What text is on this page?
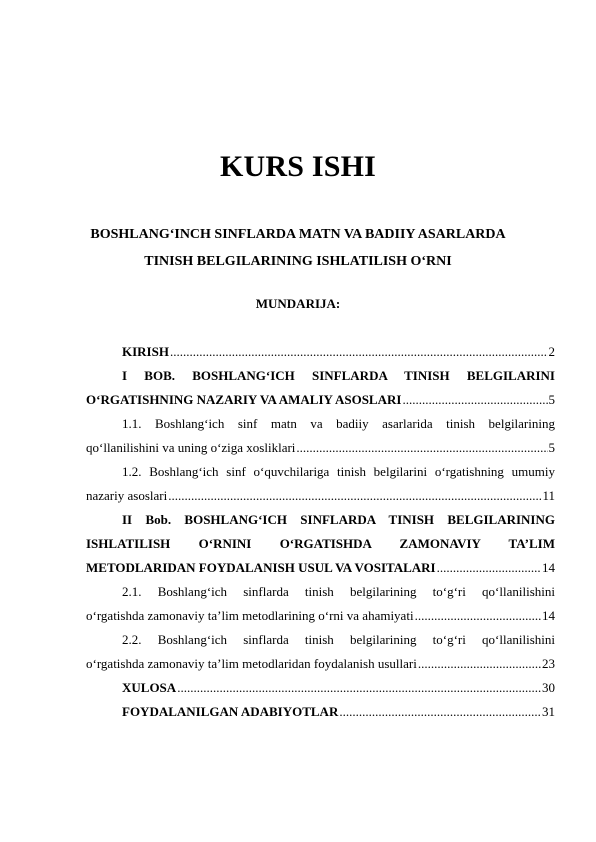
KURS ISHI
BOSHLANG‘INCH SINFLARDA MATN VA BADIIY ASARLARDA
TINISH BELGILARINING ISHLATILISH O‘RNI
MUNDARIJA:
KIRISH .....	2
I BOB. BOSHLANG‘ICH SINFLARDA TINISH BELGILARINI
O‘RGATISHNING NAZARIY VA AMALIY ASOSLARI .....	5
1.1. Boshlang‘ich sinf matn va badiiy asarlarida tinish belgilarining
qo‘llanilishini va uning o‘ziga xosliklari .....	5
1.2. Boshlang‘ich sinf o‘quvchilariga tinish belgilarini o‘rgatishning umumiy
nazariy asoslari .....	11
II Bob. BOSHLANG‘ICH SINFLARDA TINISH BELGILARINING
ISHLATILISH O‘RNINI O‘RGATISHDA ZAMONAVIY TA’LIM
METODLARIDAN FOYDALANISH USUL VA VOSITALARI .....	14
2.1. Boshlang‘ich sinflarda tinish belgilarining to‘g‘ri qo‘llanilishini
o‘rgatishda zamonaviy ta’lim metodlarining o‘rni va ahamiyati .....	14
2.2. Boshlang‘ich sinflarda tinish belgilarining to‘g‘ri qo‘llanilishini
o‘rgatishda zamonaviy ta’lim metodlaridan foydalanish usullari .....	23
XULOSA .....	30
FOYDALANILGAN ADABIYOTLAR .....	31
